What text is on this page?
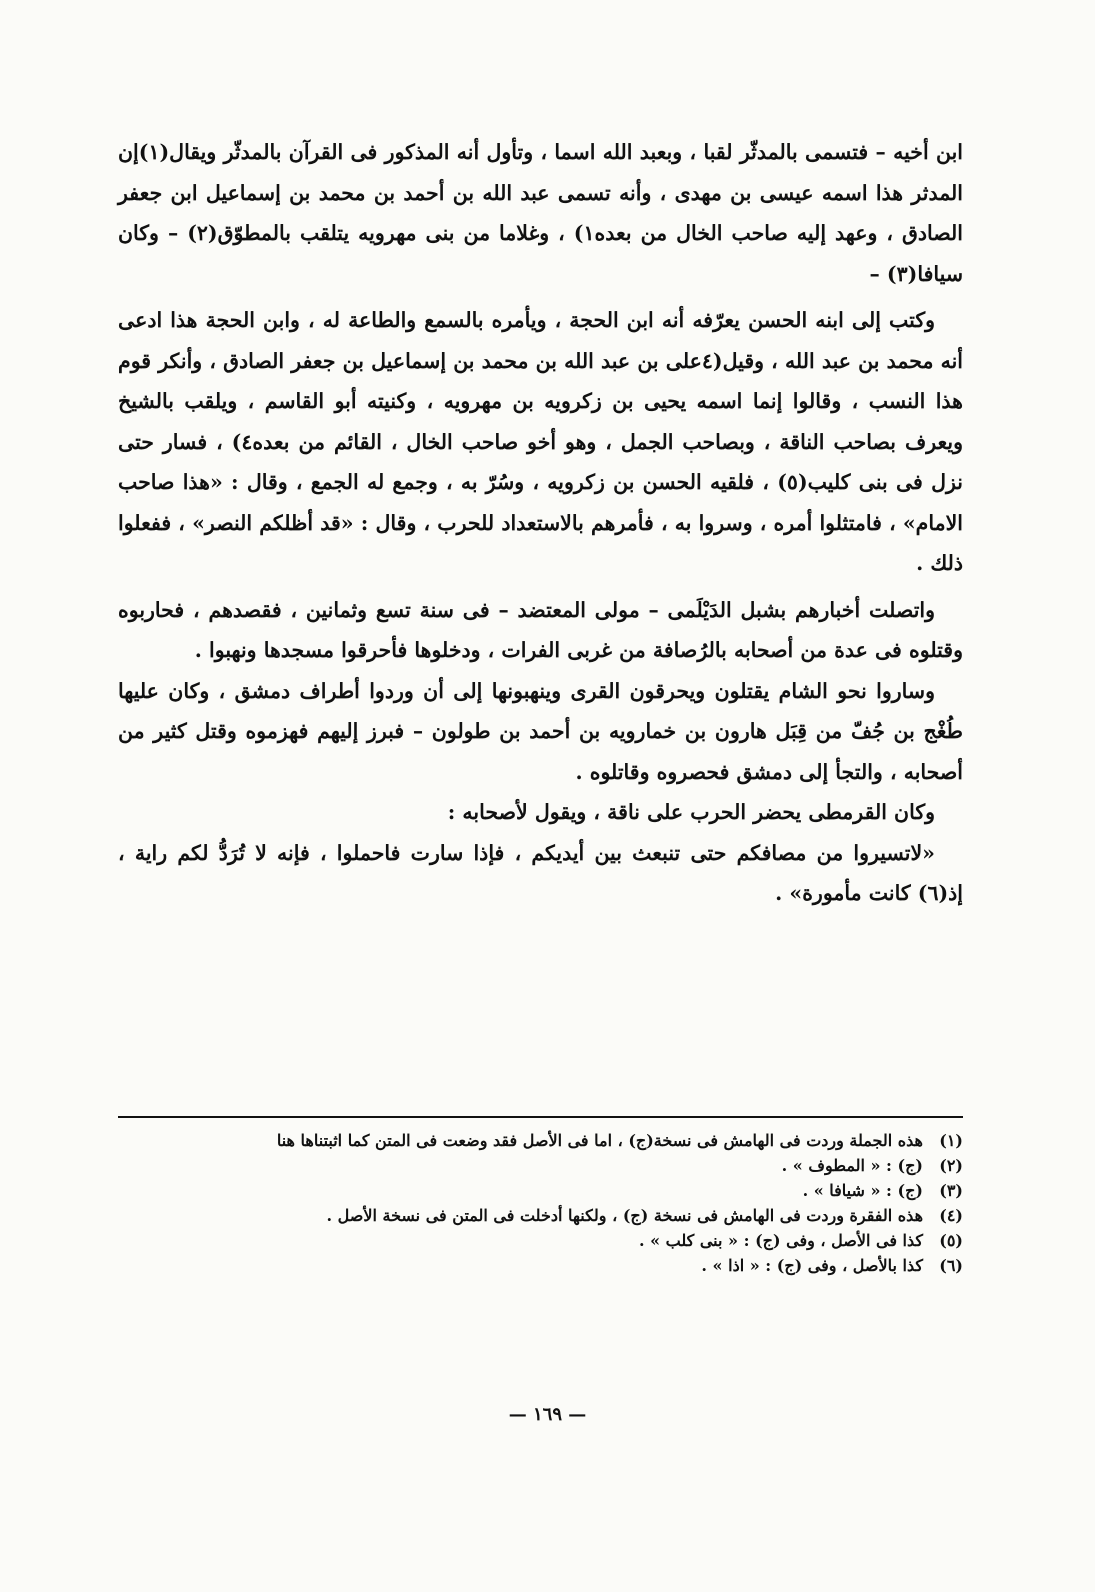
ابن أخيه – فتسمى بالمدثّر لقبا ، وبعبد الله اسما ، وتأول أنه المذكور فى القرآن بالمدثّر ويقال(١)إن المدثر هذا اسمه عيسى بن مهدى ، وأنه تسمى عبد الله بن أحمد بن محمد بن إسماعيل ابن جعفر الصادق ، وعهد إليه صاحب الخال من بعده١) ، وغلاما من بنى مهرويه يتلقب بالمطوّق(٢) – وكان سيافا(٣) –

وكتب إلى ابنه الحسن يعرّفه أنه ابن الحجة ، ويأمره بالسمع والطاعة له ، وابن الحجة هذا ادعى أنه محمد بن عبد الله ، وقيل(٤على بن عبد الله بن محمد بن إسماعيل بن جعفر الصادق ، وأنكر قوم هذا النسب ، وقالوا إنما اسمه يحيى بن زكرويه بن مهرويه ، وكنيته أبو القاسم ، ويلقب بالشيخ ويعرف بصاحب الناقة ، وبصاحب الجمل ، وهو أخو صاحب الخال ، القائم من بعده٤) ، فسار حتى نزل فى بنى كليب(٥) ، فلقيه الحسن بن زكرويه ، وسُرّ به ، وجمع له الجمع ، وقال : «هذا صاحب الامام» ، فامتثلوا أمره ، وسروا به ، فأمرهم بالاستعداد للحرب ، وقال : «قد أظلكم النصر» ، ففعلوا ذلك .

واتصلت أخبارهم بشبل الدَيْلَمى – مولى المعتضد – فى سنة تسع وثمانين ، فقصدهم ، فحاربوه وقتلوه فى عدة من أصحابه بالرُصافة من غربى الفرات ، ودخلوها فأحرقوا مسجدها ونهبوا .

وساروا نحو الشام يقتلون ويحرقون القرى وينهبونها إلى أن وردوا أطراف دمشق ، وكان عليها طُغْج بن جُفّ من قِبَل هارون بن خمارويه بن أحمد بن طولون – فبرز إليهم فهزموه وقتل كثير من أصحابه ، والتجأ إلى دمشق فحصروه وقاتلوه .

وكان القرمطى يحضر الحرب على ناقة ، ويقول لأصحابه :

«لاتسيروا من مصافكم حتى تنبعث بين أيديكم ، فإذا سارت فاحملوا ، فإنه لا تُرَدُّ لكم راية ، إذ(٦) كانت مأمورة» .

(١)
هذه الجملة وردت فى الهامش فى نسخة(ج) ، اما فى الأصل فقد وضعت فى المتن كما اثبتناها هنا
(٢)
(ج) : « المطوف » .
(٣)
(ج) : « شيافا » .
(٤)
هذه الفقرة وردت فى الهامش فى نسخة (ج) ، ولكنها أدخلت فى المتن فى نسخة الأصل .
(٥)
كذا فى الأصل ، وفى (ج) : « بنى كلب » .
(٦)
كذا بالأصل ، وفى (ج) : « اذا » .
— ١٦٩ —
